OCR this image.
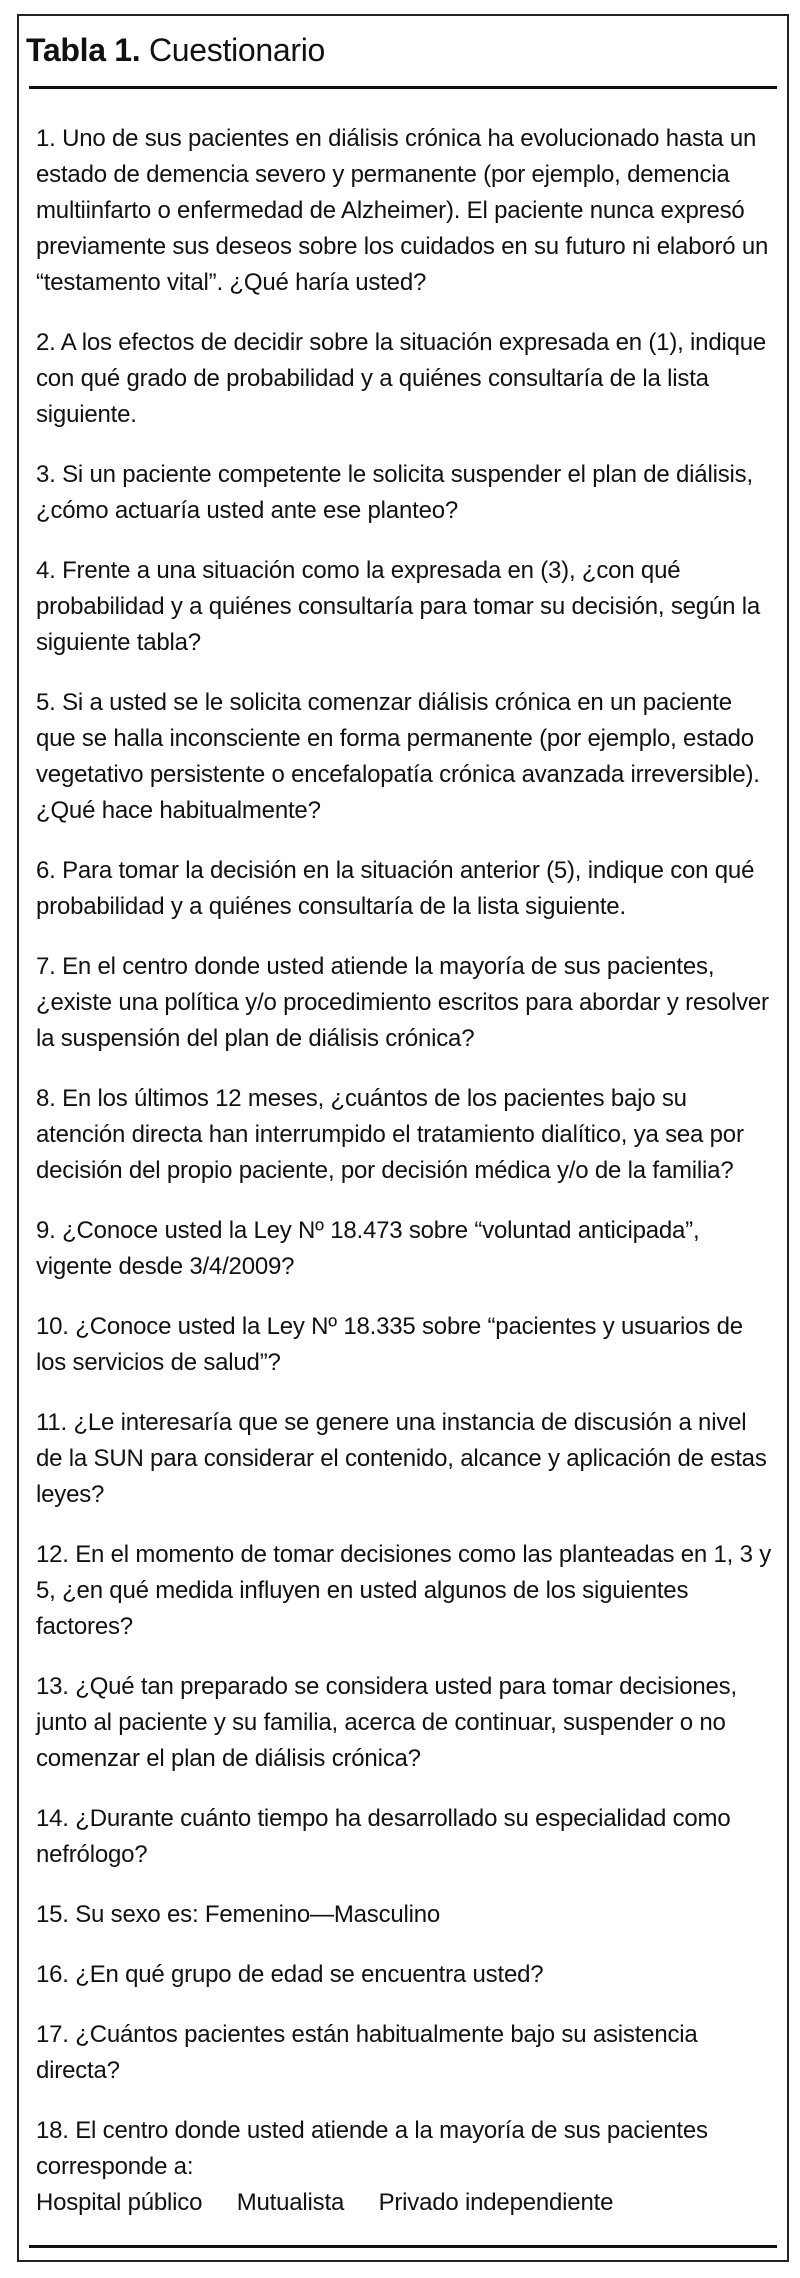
Tabla 1. Cuestionario
1. Uno de sus pacientes en diálisis crónica ha evolucionado hasta un estado de demencia severo y permanente (por ejemplo, demencia multiinfarto o enfermedad de Alzheimer). El paciente nunca expresó previamente sus deseos sobre los cuidados en su futuro ni elaboró un “testamento vital”. ¿Qué haría usted?
2. A los efectos de decidir sobre la situación expresada en (1), indique con qué grado de probabilidad y a quiénes consultaría de la lista siguiente.
3. Si un paciente competente le solicita suspender el plan de diálisis, ¿cómo actuaría usted ante ese planteo?
4. Frente a una situación como la expresada en (3), ¿con qué probabilidad y a quiénes consultaría para tomar su decisión, según la siguiente tabla?
5. Si a usted se le solicita comenzar diálisis crónica en un paciente que se halla inconsciente en forma permanente (por ejemplo, estado vegetativo persistente o encefalopatía crónica avanzada irreversible). ¿Qué hace habitualmente?
6. Para tomar la decisión en la situación anterior (5), indique con qué probabilidad y a quiénes consultaría de la lista siguiente.
7. En el centro donde usted atiende la mayoría de sus pacientes, ¿existe una política y/o procedimiento escritos para abordar y resolver la suspensión del plan de diálisis crónica?
8. En los últimos 12 meses, ¿cuántos de los pacientes bajo su atención directa han interrumpido el tratamiento dialítico, ya sea por decisión del propio paciente, por decisión médica y/o de la familia?
9. ¿Conoce usted la Ley Nº 18.473 sobre “voluntad anticipada”, vigente desde 3/4/2009?
10. ¿Conoce usted la Ley Nº 18.335 sobre “pacientes y usuarios de los servicios de salud”?
11. ¿Le interesaría que se genere una instancia de discusión a nivel de la SUN para considerar el contenido, alcance y aplicación de estas leyes?
12. En el momento de tomar decisiones como las planteadas en 1, 3 y 5, ¿en qué medida influyen en usted algunos de los siguientes factores?
13. ¿Qué tan preparado se considera usted para tomar decisiones, junto al paciente y su familia, acerca de continuar, suspender o no comenzar el plan de diálisis crónica?
14. ¿Durante cuánto tiempo ha desarrollado su especialidad como nefrólogo?
15. Su sexo es: Femenino—Masculino
16. ¿En qué grupo de edad se encuentra usted?
17. ¿Cuántos pacientes están habitualmente bajo su asistencia directa?
18. El centro donde usted atiende a la mayoría de sus pacientes corresponde a:
Hospital público Mutualista Privado independiente
